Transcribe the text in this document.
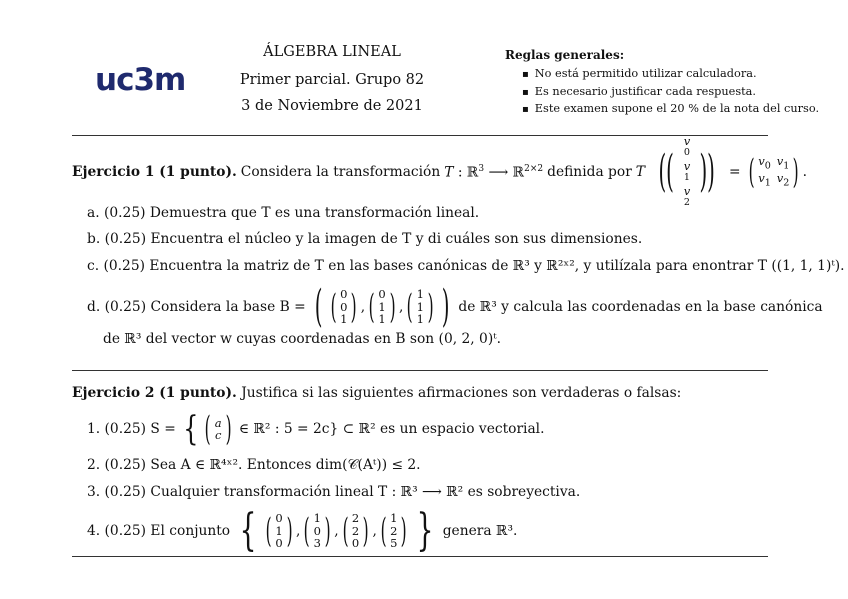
uc3m
ÁLGEBRA LINEAL
Primer parcial. Grupo 82
3 de Noviembre de 2021
Reglas generales:
▪ No está permitido utilizar calculadora.
▪ Es necesario justificar cada respuesta.
▪ Este examen supone el 20 % de la nota del curso.
Ejercicio 1 (1 punto). Considera la transformación T : ℝ$^3$ ⟶ ℝ$^{2\times 2}$ definida por T
((
v
0
v
1
v
2
)) = ( $v_0$ $v_1$
$v_1$ $v_2$ ) .
a. (0.25) Demuestra que T es una transformación lineal.
b. (0.25) Encuentra el núcleo y la imagen de T y di cuáles son sus dimensiones.
c. (0.25) Encuentra la matriz de T en las bases canónicas de ℝ³ y ℝ²ˣ², y utilízala para enontrar T ((1, 1, 1)ᵗ).
d. (0.25) Considera la base B = ( ( 0
0
1 ) , ( 0
1
1 ) , ( 1
1
1 ) ) de ℝ³ y calcula las coordenadas en la base canónica
de ℝ³ del vector w cuyas coordenadas en B son (0, 2, 0)ᵗ.
Ejercicio 2 (1 punto). Justifica si las siguientes afirmaciones son verdaderas o falsas:
1. (0.25) S = { ( a
c ) ∈ ℝ² : 5 = 2c} ⊂ ℝ² es un espacio vectorial.
2. (0.25) Sea A ∈ ℝ⁴ˣ². Entonces dim(𝒞(Aᵗ)) ≤ 2.
3. (0.25) Cualquier transformación lineal T : ℝ³ ⟶ ℝ² es sobreyectiva.
4. (0.25) El conjunto { ( 0
1
0 ) , ( 1
0
3 ) , ( 2
2
0 ) , ( 1
2
5 ) } genera ℝ³.
